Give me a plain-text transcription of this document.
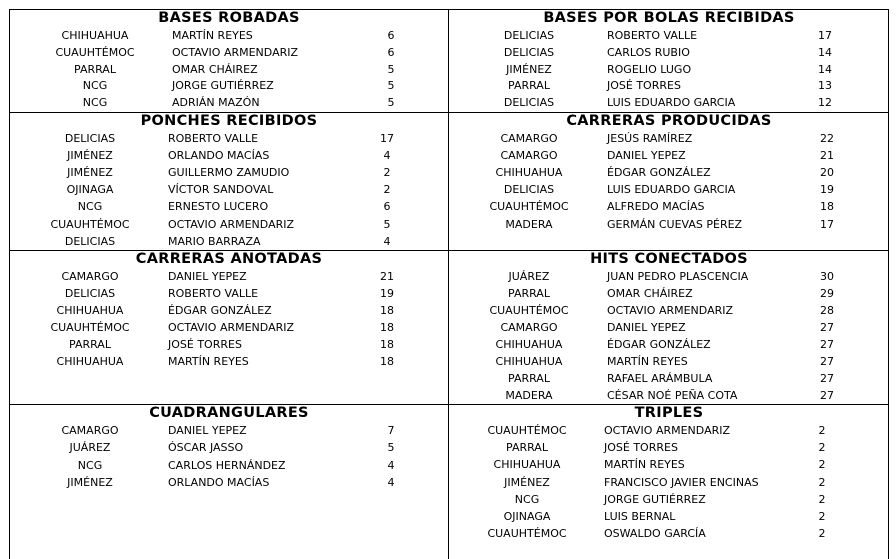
BASES ROBADAS
CHIHUAHUA	MARTÍN REYES	6
CUAUHTÉMOC	OCTAVIO ARMENDARIZ	6
PARRAL	OMAR CHÁIREZ	5
NCG	JORGE GUTIÉRREZ	5
NCG	ADRIÁN MAZÓN	5
BASES POR BOLAS RECIBIDAS
DELICIAS	ROBERTO VALLE	17
DELICIAS	CARLOS RUBIO	14
JIMÉNEZ	ROGELIO LUGO	14
PARRAL	JOSÉ TORRES	13
DELICIAS	LUIS EDUARDO GARCIA	12
PONCHES RECIBIDOS
DELICIAS	ROBERTO VALLE	17
JIMÉNEZ	ORLANDO MACÍAS	4
JIMÉNEZ	GUILLERMO ZAMUDIO	2
OJINAGA	VÍCTOR SANDOVAL	2
NCG	ERNESTO LUCERO	6
CUAUHTÉMOC	OCTAVIO ARMENDARIZ	5
DELICIAS	MARIO BARRAZA	4
CARRERAS PRODUCIDAS
CAMARGO	JESÚS RAMÍREZ	22
CAMARGO	DANIEL YEPEZ	21
CHIHUAHUA	ÉDGAR GONZÁLEZ	20
DELICIAS	LUIS EDUARDO GARCIA	19
CUAUHTÉMOC	ALFREDO MACÍAS	18
MADERA	GERMÁN CUEVAS PÉREZ	17
CARRERAS ANOTADAS
CAMARGO	DANIEL YEPEZ	21
DELICIAS	ROBERTO VALLE	19
CHIHUAHUA	ÉDGAR GONZÁLEZ	18
CUAUHTÉMOC	OCTAVIO ARMENDARIZ	18
PARRAL	JOSÉ TORRES	18
CHIHUAHUA	MARTÍN REYES	18
HITS CONECTADOS
JUÁREZ	JUAN PEDRO PLASCENCIA	30
PARRAL	OMAR CHÁIREZ	29
CUAUHTÉMOC	OCTAVIO ARMENDARIZ	28
CAMARGO	DANIEL YEPEZ	27
CHIHUAHUA	ÉDGAR GONZÁLEZ	27
CHIHUAHUA	MARTÍN REYES	27
PARRAL	RAFAEL ARÁMBULA	27
MADERA	CÉSAR NOÉ PEÑA COTA	27
CUADRANGULARES
CAMARGO	DANIEL YEPEZ	7
JUÁREZ	ÓSCAR JASSO	5
NCG	CARLOS HERNÁNDEZ	4
JIMÉNEZ	ORLANDO MACÍAS	4
TRIPLES
CUAUHTÉMOC	OCTAVIO ARMENDARIZ	2
PARRAL	JOSÉ TORRES	2
CHIHUAHUA	MARTÍN REYES	2
JIMÉNEZ	FRANCISCO JAVIER ENCINAS	2
NCG	JORGE GUTIÉRREZ	2
OJINAGA	LUIS BERNAL	2
CUAUHTÉMOC	OSWALDO GARCÍA	2
